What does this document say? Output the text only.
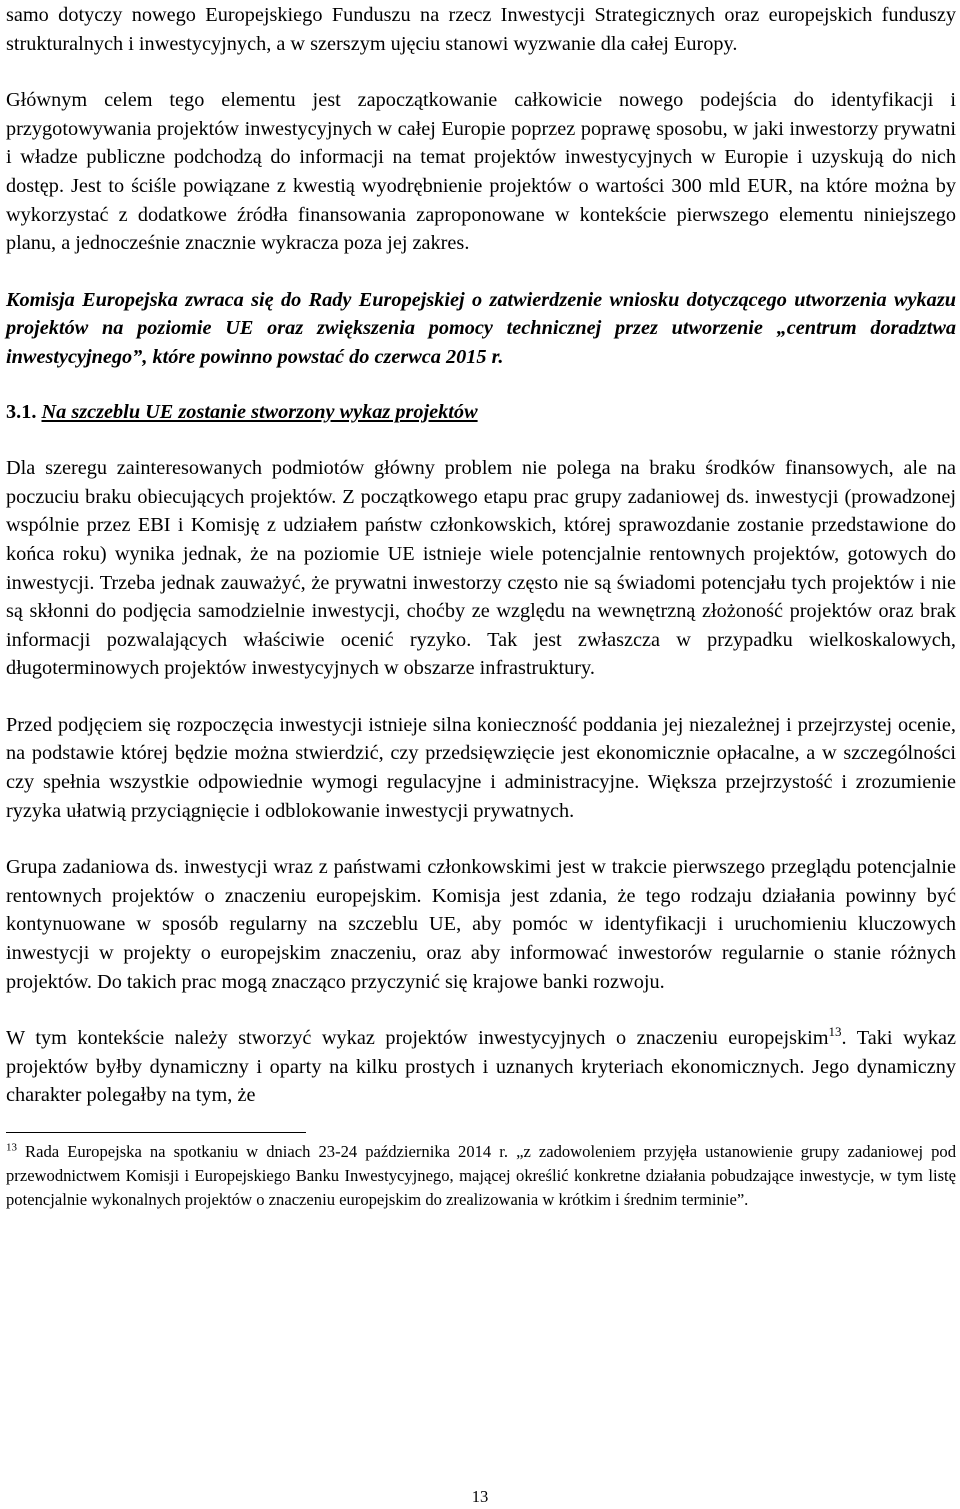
samo dotyczy nowego Europejskiego Funduszu na rzecz Inwestycji Strategicznych oraz europejskich funduszy strukturalnych i inwestycyjnych, a w szerszym ujęciu stanowi wyzwanie dla całej Europy.

Głównym celem tego elementu jest zapoczątkowanie całkowicie nowego podejścia do identyfikacji i przygotowywania projektów inwestycyjnych w całej Europie poprzez poprawę sposobu, w jaki inwestorzy prywatni i władze publiczne podchodzą do informacji na temat projektów inwestycyjnych w Europie i uzyskują do nich dostęp. Jest to ściśle powiązane z kwestią wyodrębnienie projektów o wartości 300 mld EUR, na które można by wykorzystać z dodatkowe źródła finansowania zaproponowane w kontekście pierwszego elementu niniejszego planu, a jednocześnie znacznie wykracza poza jej zakres.

Komisja Europejska zwraca się do Rady Europejskiej o zatwierdzenie wniosku dotyczącego utworzenia wykazu projektów na poziomie UE oraz zwiększenia pomocy technicznej przez utworzenie „centrum doradztwa inwestycyjnego”, które powinno powstać do czerwca 2015 r.

3.1. Na szczeblu UE zostanie stworzony wykaz projektów

Dla szeregu zainteresowanych podmiotów główny problem nie polega na braku środków finansowych, ale na poczuciu braku obiecujących projektów. Z początkowego etapu prac grupy zadaniowej ds. inwestycji (prowadzonej wspólnie przez EBI i Komisję z udziałem państw członkowskich, której sprawozdanie zostanie przedstawione do końca roku) wynika jednak, że na poziomie UE istnieje wiele potencjalnie rentownych projektów, gotowych do inwestycji. Trzeba jednak zauważyć, że prywatni inwestorzy często nie są świadomi potencjału tych projektów i nie są skłonni do podjęcia samodzielnie inwestycji, choćby ze względu na wewnętrzną złożoność projektów oraz brak informacji pozwalających właściwie ocenić ryzyko. Tak jest zwłaszcza w przypadku wielkoskalowych, długoterminowych projektów inwestycyjnych w obszarze infrastruktury.

Przed podjęciem się rozpoczęcia inwestycji istnieje silna konieczność poddania jej niezależnej i przejrzystej ocenie, na podstawie której będzie można stwierdzić, czy przedsięwzięcie jest ekonomicznie opłacalne, a w szczególności czy spełnia wszystkie odpowiednie wymogi regulacyjne i administracyjne. Większa przejrzystość i zrozumienie ryzyka ułatwią przyciągnięcie i odblokowanie inwestycji prywatnych.

Grupa zadaniowa ds. inwestycji wraz z państwami członkowskimi jest w trakcie pierwszego przeglądu potencjalnie rentownych projektów o znaczeniu europejskim. Komisja jest zdania, że tego rodzaju działania powinny być kontynuowane w sposób regularny na szczeblu UE, aby pomóc w identyfikacji i uruchomieniu kluczowych inwestycji w projekty o europejskim znaczeniu, oraz aby informować inwestorów regularnie o stanie różnych projektów. Do takich prac mogą znacząco przyczynić się krajowe banki rozwoju.

W tym kontekście należy stworzyć wykaz projektów inwestycyjnych o znaczeniu europejskim$^{13}$. Taki wykaz projektów byłby dynamiczny i oparty na kilku prostych i uznanych kryteriach ekonomicznych. Jego dynamiczny charakter polegałby na tym, że

$^{13}$ Rada Europejska na spotkaniu w dniach 23-24 października 2014 r. „z zadowoleniem przyjęła ustanowienie grupy zadaniowej pod przewodnictwem Komisji i Europejskiego Banku Inwestycyjnego, mającej określić konkretne działania pobudzające inwestycje, w tym listę potencjalnie wykonalnych projektów o znaczeniu europejskim do zrealizowania w krótkim i średnim terminie”.
13
